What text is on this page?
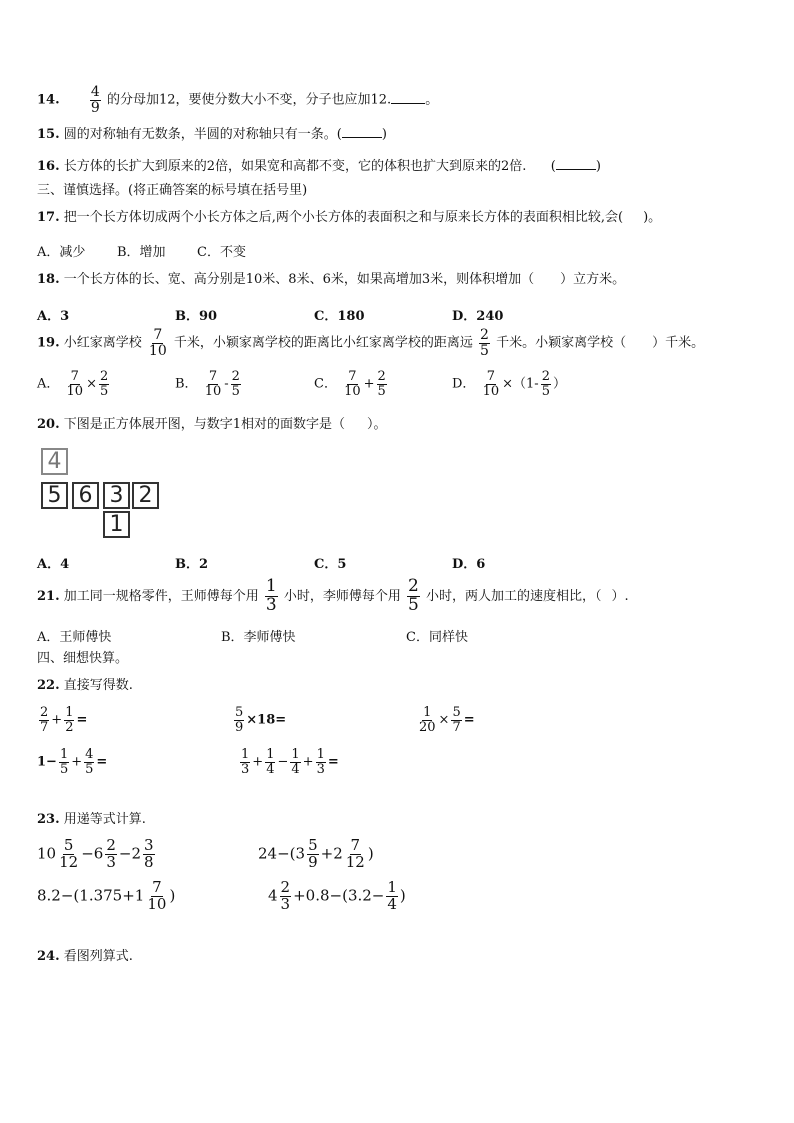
14. $\frac{4}{9}$ 的分母加12，要使分数大小不变，分子也应加12.	。
15. 圆的对称轴有无数条，半圆的对称轴只有一条。(	)
16. 长方体的长扩大到原来的2倍，如果宽和高都不变，它的体积也扩大到原来的2倍. (	)
三、谨慎选择。(将正确答案的标号填在括号里)
17. 把一个长方体切成两个小长方体之后,两个小长方体的表面积之和与原来长方体的表面积相比较,会( )。
A．减少 B．增加 C．不变
18. 一个长方体的长、宽、高分别是10米、8米、6米，如果高增加3米，则体积增加（ ）立方米。
A．3	B．90	C．180	D．240
19. 小红家离学校 $\frac{7}{10}$ 千米，小颖家离学校的距离比小红家离学校的距离远 $\frac{2}{5}$ 千米。小颖家离学校（ ）千米。
A． $\frac{7}{10} \times \frac{2}{5}$	B． $\frac{7}{10} - \frac{2}{5}$	C． $\frac{7}{10} + \frac{2}{5}$	D． $\frac{7}{10} \times(1- \frac{2}{5}$ ）
20. 下图是正方体展开图，与数字1相对的面数字是（ ）。
4
5 6 3 2
1
A．4	B．2	C．5	D．6
21. 加工同一规格零件，王师傅每个用 $\frac{1}{3}$ 小时，李师傅每个用 $\frac{2}{5}$ 小时，两人加工的速度相比，（ ）.
A．王师傅快	B．李师傅快	C．同样快
四、细想快算。
22. 直接写得数.
$\frac{2}{7} + \frac{1}{2}$ =	$\frac{5}{9} \times 18=$	$\frac{1}{20} \times \frac{5}{7}$ =
$1- \frac{1}{5} + \frac{4}{5}$ =	$\frac{1}{3} + \frac{1}{4} - \frac{1}{4} + \frac{1}{3}$ =
23. 用递等式计算.
$10 \frac{5}{12} -6 \frac{2}{3} -2 \frac{3}{8}$	$24-(3 \frac{5}{9} +2 \frac{7}{12}$ )
$8.2-(1.375+1 \frac{7}{10}$ )	$4 \frac{2}{3} +0.8-(3.2- \frac{1}{4}$ )
24. 看图列算式.
